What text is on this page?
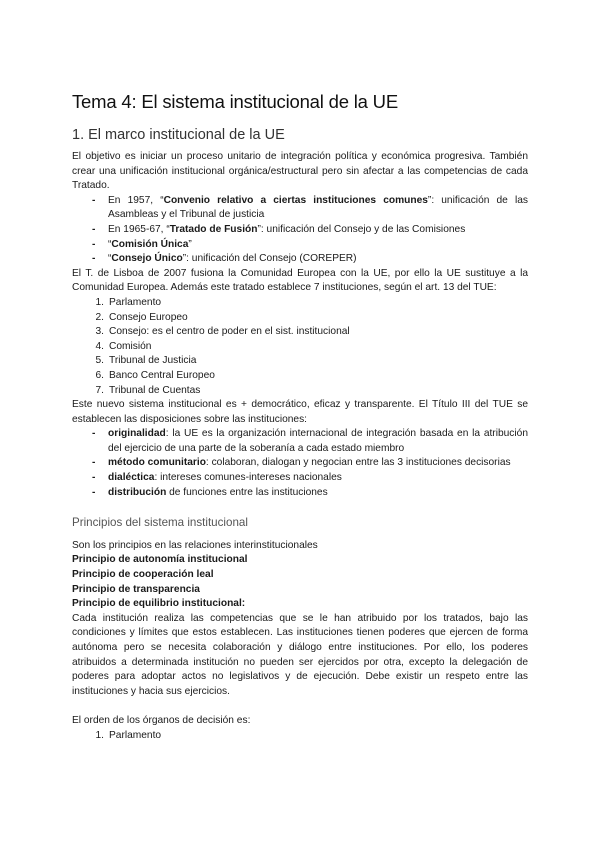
Tema 4: El sistema institucional de la UE
1. El marco institucional de la UE

El objetivo es iniciar un proceso unitario de integración política y económica progresiva. También crear una unificación institucional orgánica/estructural pero sin afectar a las competencias de cada Tratado.

- En 1957, “Convenio relativo a ciertas instituciones comunes”: unificación de las Asambleas y el Tribunal de justicia
- En 1965-67, “Tratado de Fusión”: unificación del Consejo y de las Comisiones
- “Comisión Única”
- “Consejo Único”: unificación del Consejo (COREPER)

El T. de Lisboa de 2007 fusiona la Comunidad Europea con la UE, por ello la UE sustituye a la Comunidad Europea. Además este tratado establece 7 instituciones, según el art. 13 del TUE:

1. Parlamento
2. Consejo Europeo
3. Consejo: es el centro de poder en el sist. institucional
4. Comisión
5. Tribunal de Justicia
6. Banco Central Europeo
7. Tribunal de Cuentas

Este nuevo sistema institucional es + democrático, eficaz y transparente. El Título III del TUE se establecen las disposiciones sobre las instituciones:

- originalidad: la UE es la organización internacional de integración basada en la atribución del ejercicio de una parte de la soberanía a cada estado miembro
- método comunitario: colaboran, dialogan y negocian entre las 3 instituciones decisorias
- dialéctica: intereses comunes-intereses nacionales
- distribución de funciones entre las instituciones
Principios del sistema institucional

Son los principios en las relaciones interinstitucionales

Principio de autonomía institucional

Principio de cooperación leal

Principio de transparencia

Principio de equilibrio institucional:

Cada institución realiza las competencias que se le han atribuido por los tratados, bajo las condiciones y límites que estos establecen. Las instituciones tienen poderes que ejercen de forma autónoma pero se necesita colaboración y diálogo entre instituciones. Por ello, los poderes atribuidos a determinada institución no pueden ser ejercidos por otra, excepto la delegación de poderes para adoptar actos no legislativos y de ejecución. Debe existir un respeto entre las instituciones y hacia sus ejercicios.

El orden de los órganos de decisión es:

1. Parlamento
